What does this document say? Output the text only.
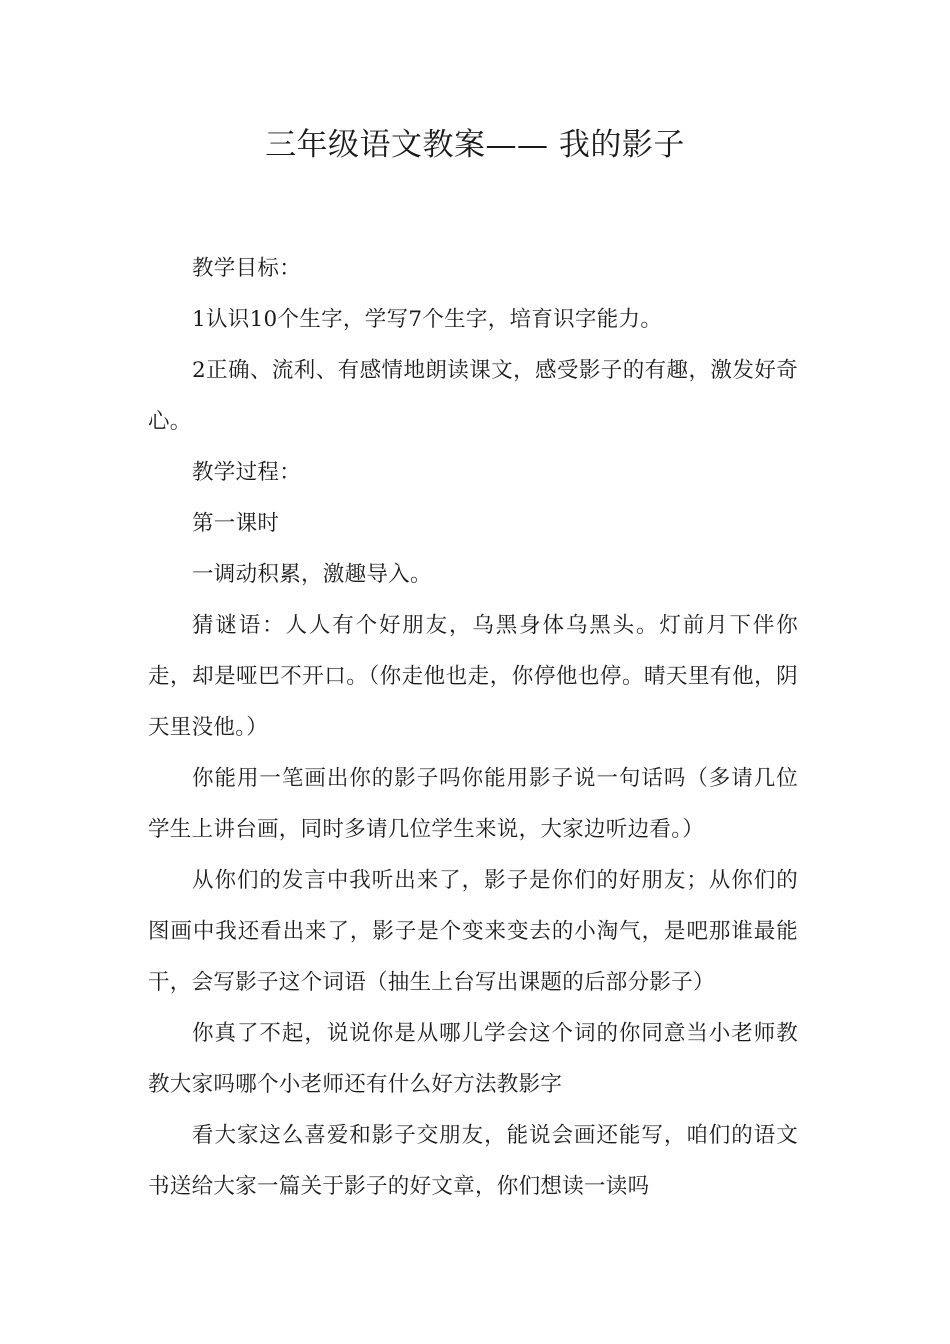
三年级语文教案—— 我的影子

教学目标：

1认识10个生字，学写7个生字，培育识字能力。

2正确、流利、有感情地朗读课文，感受影子的有趣，激发好奇心。

教学过程：

第一课时

一调动积累，激趣导入。

猜谜语：人人有个好朋友，乌黑身体乌黑头。灯前月下伴你走，却是哑巴不开口。（你走他也走，你停他也停。晴天里有他，阴天里没他。）

你能用一笔画出你的影子吗你能用影子说一句话吗（多请几位学生上讲台画，同时多请几位学生来说，大家边听边看。）

从你们的发言中我听出来了，影子是你们的好朋友；从你们的图画中我还看出来了，影子是个变来变去的小淘气，是吧那谁最能干，会写影子这个词语（抽生上台写出课题的后部分影子）

你真了不起，说说你是从哪儿学会这个词的你同意当小老师教教大家吗哪个小老师还有什么好方法教影字

看大家这么喜爱和影子交朋友，能说会画还能写，咱们的语文书送给大家一篇关于影子的好文章，你们想读一读吗
